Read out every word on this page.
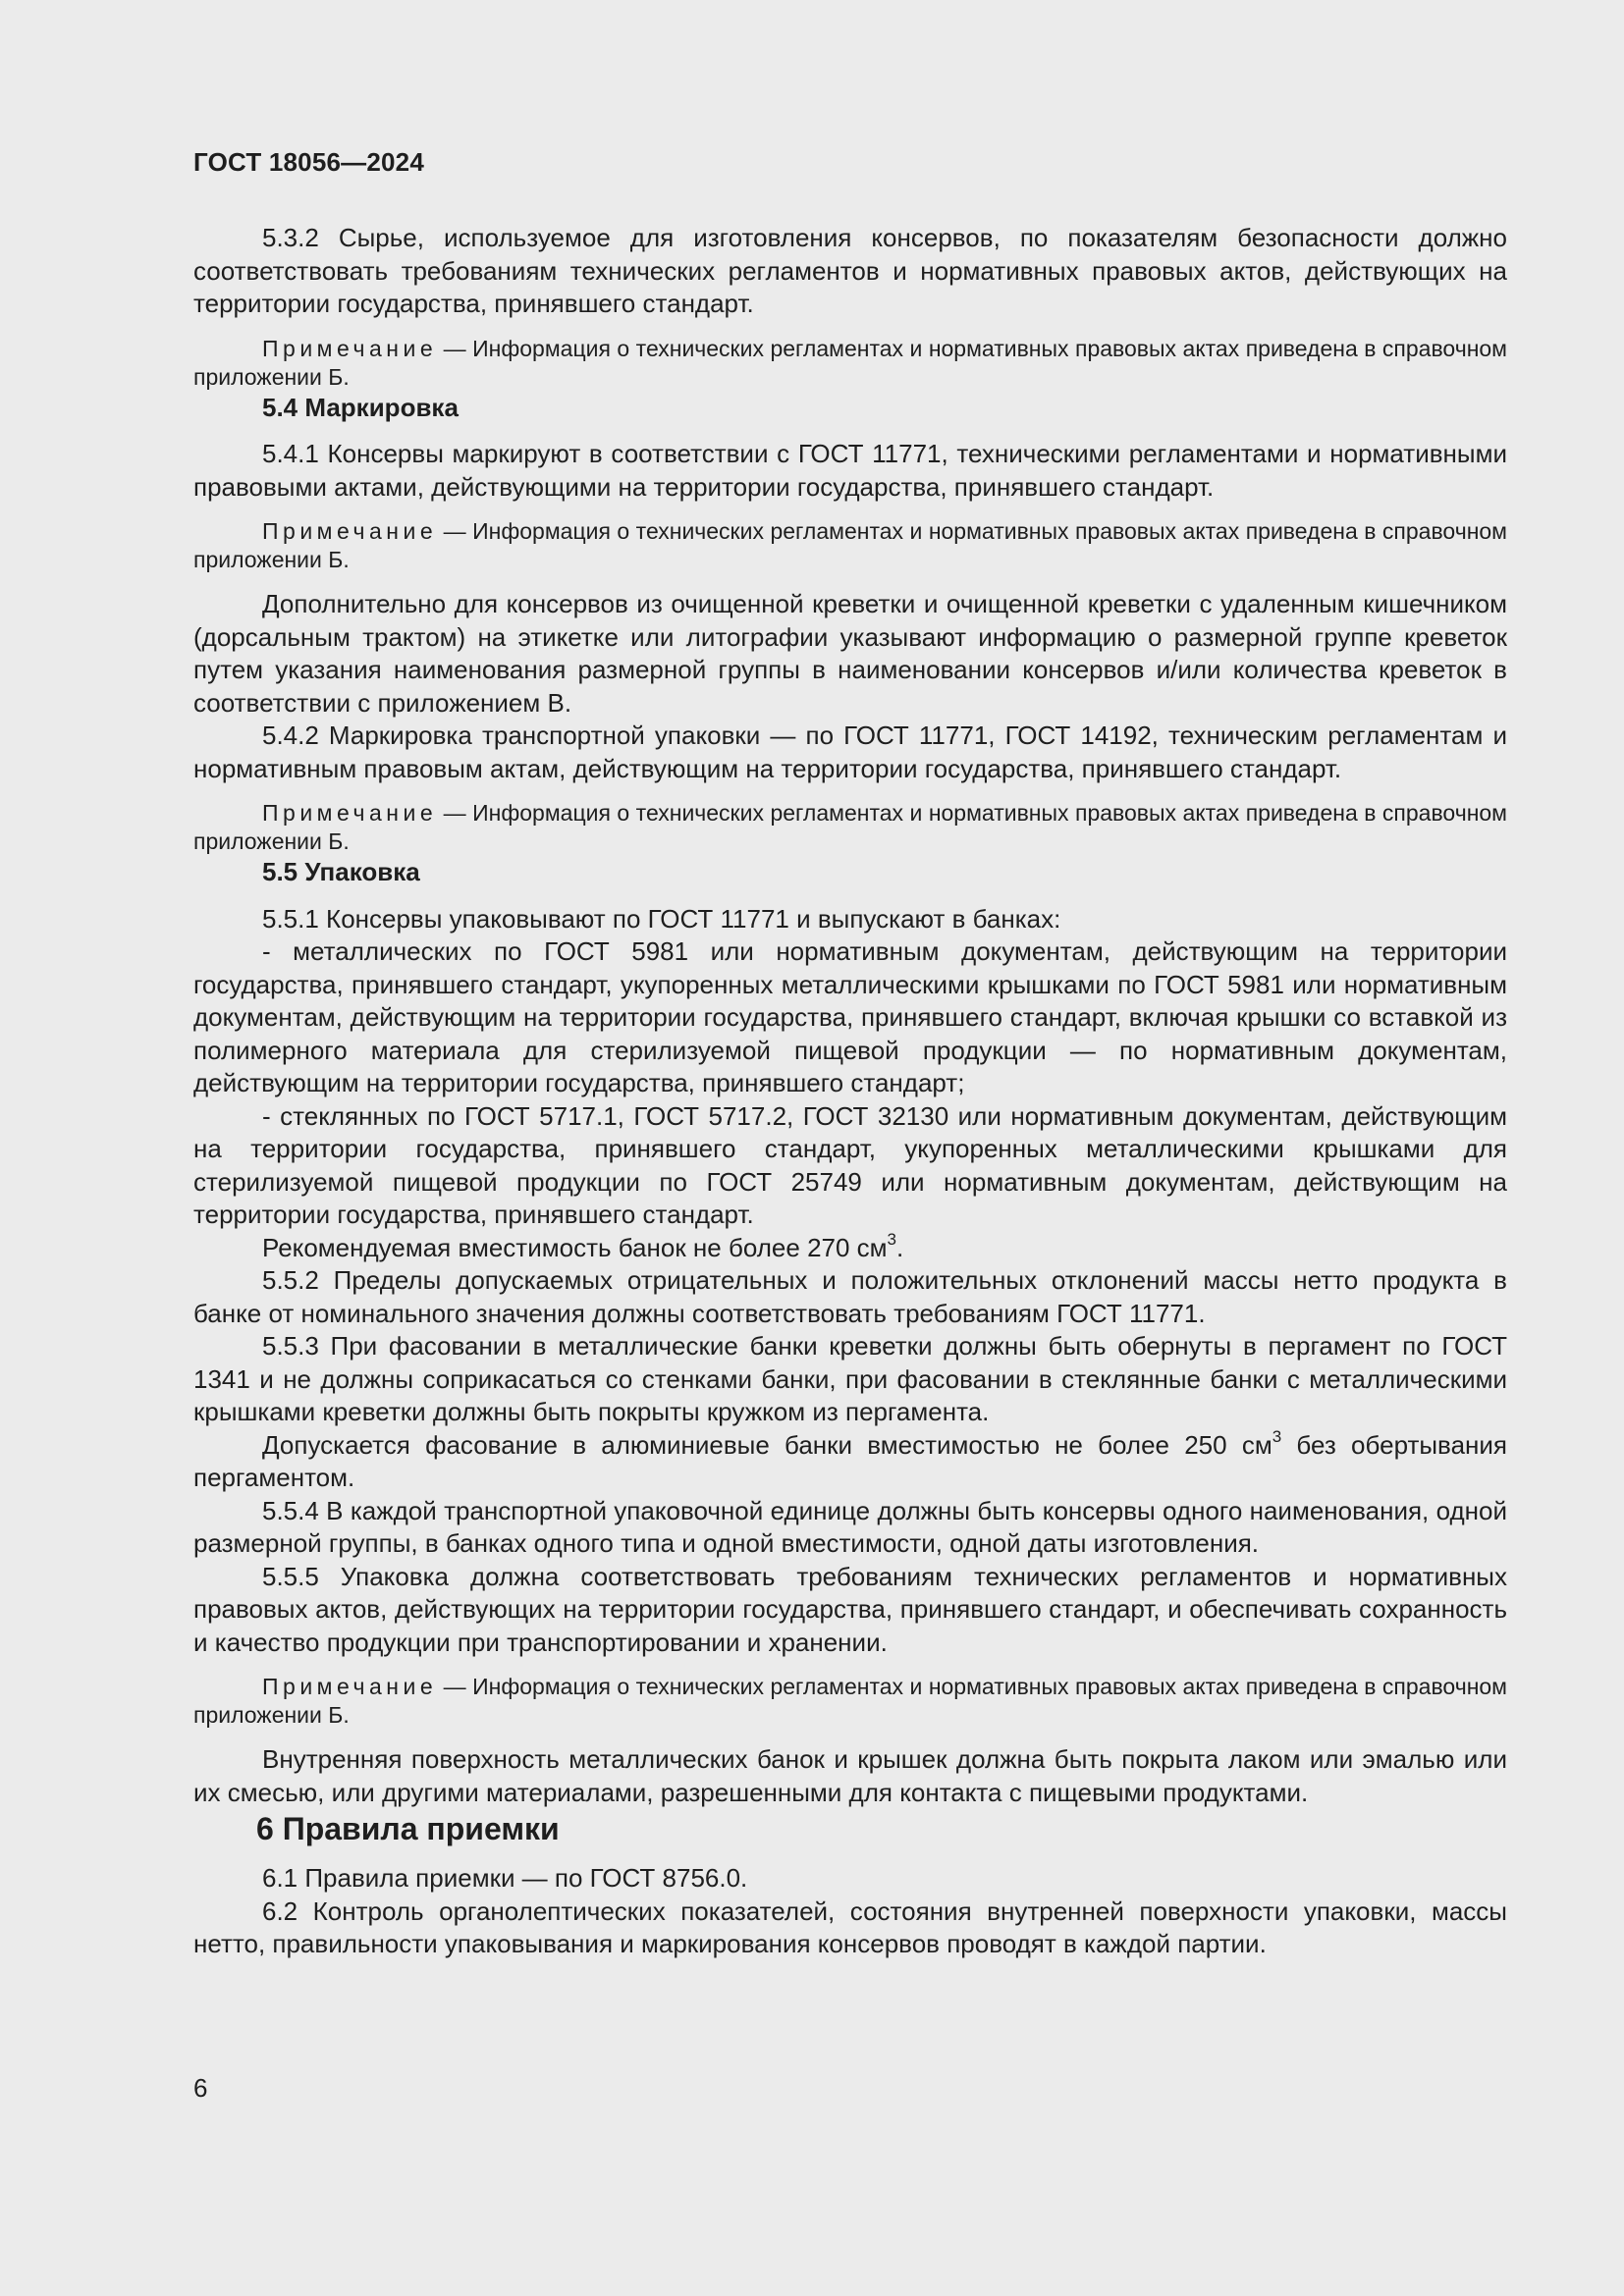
ГОСТ 18056—2024

5.3.2 Сырье, используемое для изготовления консервов, по показателям безопасности должно соответствовать требованиям технических регламентов и нормативных правовых актов, действующих на территории государства, принявшего стандарт.

Примечание — Информация о технических регламентах и нормативных правовых актах приведена в справочном приложении Б.

5.4 Маркировка

5.4.1 Консервы маркируют в соответствии с ГОСТ 11771, техническими регламентами и нормативными правовыми актами, действующими на территории государства, принявшего стандарт.

Примечание — Информация о технических регламентах и нормативных правовых актах приведена в справочном приложении Б.

Дополнительно для консервов из очищенной креветки и очищенной креветки с удаленным кишечником (дорсальным трактом) на этикетке или литографии указывают информацию о размерной группе креветок путем указания наименования размерной группы в наименовании консервов и/или количества креветок в соответствии с приложением В.

5.4.2 Маркировка транспортной упаковки — по ГОСТ 11771, ГОСТ 14192, техническим регламентам и нормативным правовым актам, действующим на территории государства, принявшего стандарт.

Примечание — Информация о технических регламентах и нормативных правовых актах приведена в справочном приложении Б.

5.5 Упаковка

5.5.1 Консервы упаковывают по ГОСТ 11771 и выпускают в банках:

- металлических по ГОСТ 5981 или нормативным документам, действующим на территории государства, принявшего стандарт, укупоренных металлическими крышками по ГОСТ 5981 или нормативным документам, действующим на территории государства, принявшего стандарт, включая крышки со вставкой из полимерного материала для стерилизуемой пищевой продукции — по нормативным документам, действующим на территории государства, принявшего стандарт;

- стеклянных по ГОСТ 5717.1, ГОСТ 5717.2, ГОСТ 32130 или нормативным документам, действующим на территории государства, принявшего стандарт, укупоренных металлическими крышками для стерилизуемой пищевой продукции по ГОСТ 25749 или нормативным документам, действующим на территории государства, принявшего стандарт.

Рекомендуемая вместимость банок не более 270 $см^3$.

5.5.2 Пределы допускаемых отрицательных и положительных отклонений массы нетто продукта в банке от номинального значения должны соответствовать требованиям ГОСТ 11771.

5.5.3 При фасовании в металлические банки креветки должны быть обернуты в пергамент по ГОСТ 1341 и не должны соприкасаться со стенками банки, при фасовании в стеклянные банки с металлическими крышками креветки должны быть покрыты кружком из пергамента.

Допускается фасование в алюминиевые банки вместимостью не более 250 $см^3$ без обертывания пергаментом.

5.5.4 В каждой транспортной упаковочной единице должны быть консервы одного наименования, одной размерной группы, в банках одного типа и одной вместимости, одной даты изготовления.

5.5.5 Упаковка должна соответствовать требованиям технических регламентов и нормативных правовых актов, действующих на территории государства, принявшего стандарт, и обеспечивать сохранность и качество продукции при транспортировании и хранении.

Примечание — Информация о технических регламентах и нормативных правовых актах приведена в справочном приложении Б.

Внутренняя поверхность металлических банок и крышек должна быть покрыта лаком или эмалью или их смесью, или другими материалами, разрешенными для контакта с пищевыми продуктами.

6 Правила приемки

6.1 Правила приемки — по ГОСТ 8756.0.

6.2 Контроль органолептических показателей, состояния внутренней поверхности упаковки, массы нетто, правильности упаковывания и маркирования консервов проводят в каждой партии.

6
